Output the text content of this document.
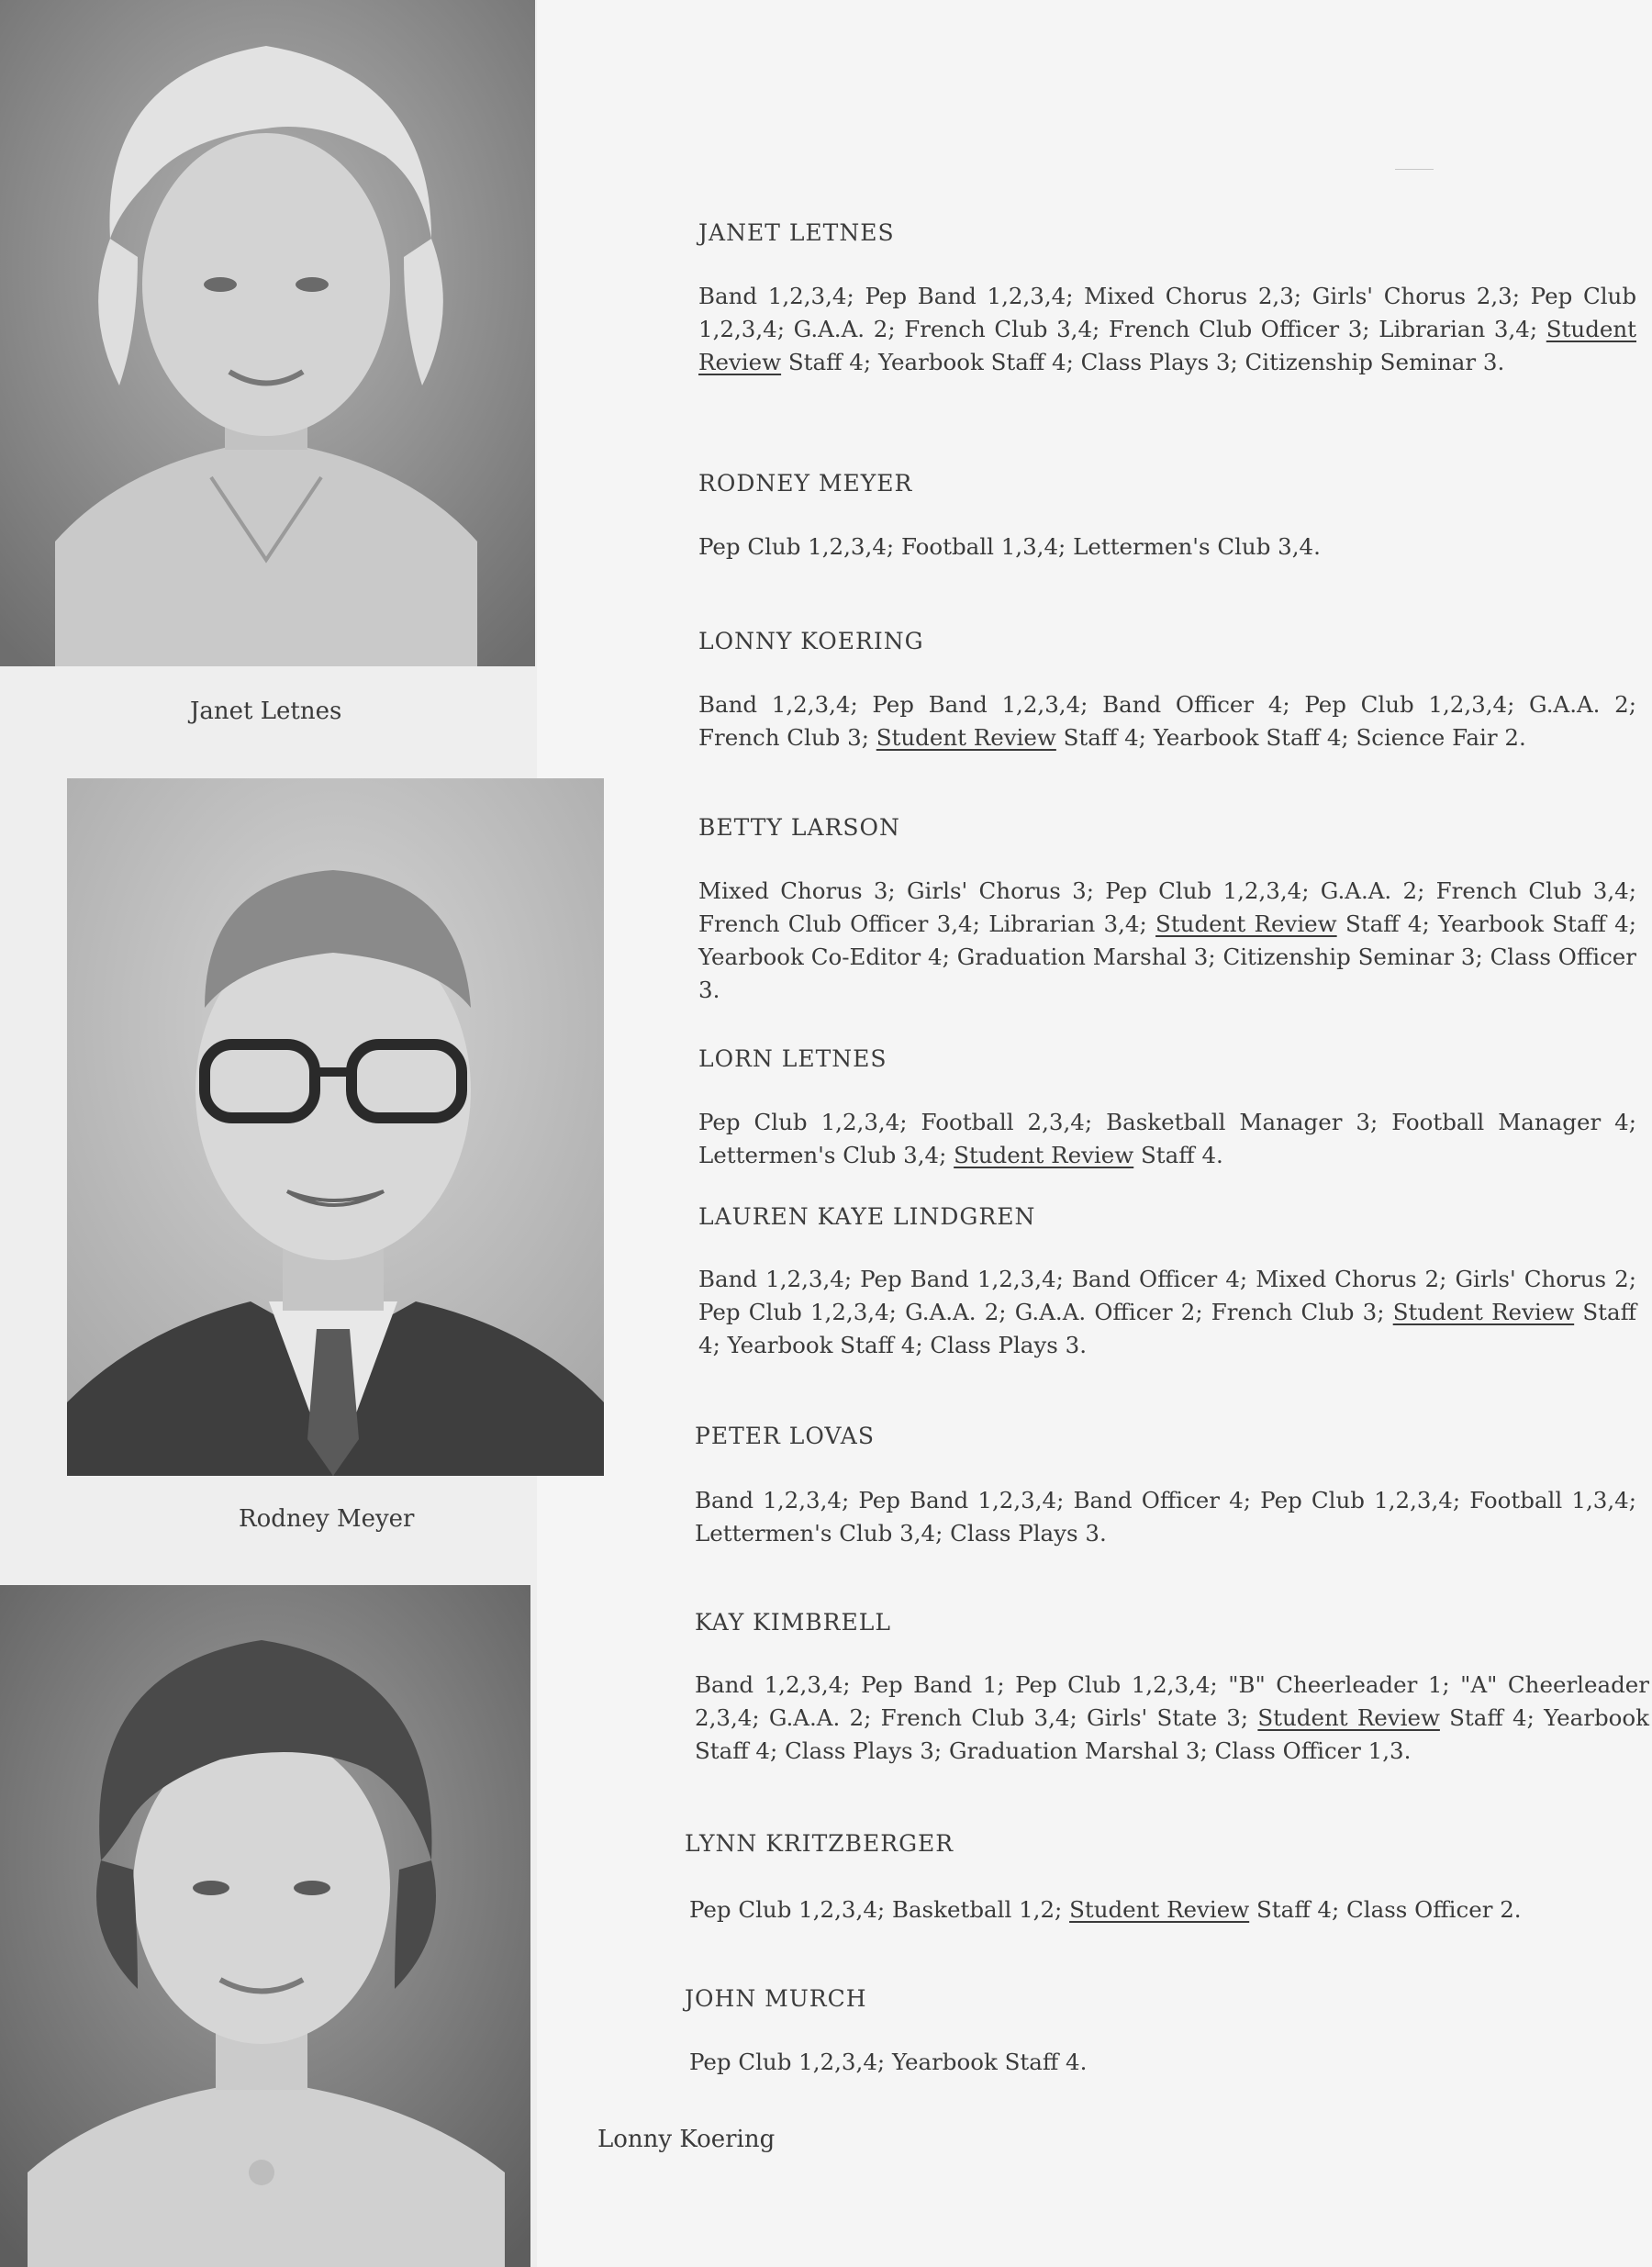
Janet Letnes
Rodney Meyer
Lonny Koering
JANET LETNES
Band 1,2,3,4; Pep Band 1,2,3,4; Mixed Chorus 2,3; Girls' Chorus 2,3; Pep Club 1,2,3,4; G.A.A. 2; French Club 3,4; French Club Officer 3; Librarian 3,4; Student Review Staff 4; Yearbook Staff 4; Class Plays 3; Citizenship Seminar 3.
RODNEY MEYER
Pep Club 1,2,3,4; Football 1,3,4; Lettermen's Club 3,4.
LONNY KOERING
Band 1,2,3,4; Pep Band 1,2,3,4; Band Officer 4; Pep Club 1,2,3,4; G.A.A. 2; French Club 3; Student Review Staff 4; Yearbook Staff 4; Science Fair 2.
BETTY LARSON
Mixed Chorus 3; Girls' Chorus 3; Pep Club 1,2,3,4; G.A.A. 2; French Club 3,4; French Club Officer 3,4; Librarian 3,4; Student Review Staff 4; Yearbook Staff 4; Yearbook Co-Editor 4; Graduation Marshal 3; Citizenship Seminar 3; Class Officer 3.
LORN LETNES
Pep Club 1,2,3,4; Football 2,3,4; Basketball Manager 3; Football Manager 4; Lettermen's Club 3,4; Student Review Staff 4.
LAUREN KAYE LINDGREN
Band 1,2,3,4; Pep Band 1,2,3,4; Band Officer 4; Mixed Chorus 2; Girls' Chorus 2; Pep Club 1,2,3,4; G.A.A. 2; G.A.A. Officer 2; French Club 3; Student Review Staff 4; Yearbook Staff 4; Class Plays 3.
PETER LOVAS
Band 1,2,3,4; Pep Band 1,2,3,4; Band Officer 4; Pep Club 1,2,3,4; Football 1,3,4; Lettermen's Club 3,4; Class Plays 3.
KAY KIMBRELL
Band 1,2,3,4; Pep Band 1; Pep Club 1,2,3,4; "B" Cheerleader 1; "A" Cheerleader 2,3,4; G.A.A. 2; French Club 3,4; Girls' State 3; Student Review Staff 4; Yearbook Staff 4; Class Plays 3; Graduation Marshal 3; Class Officer 1,3.
LYNN KRITZBERGER
Pep Club 1,2,3,4; Basketball 1,2; Student Review Staff 4; Class Officer 2.
JOHN MURCH
Pep Club 1,2,3,4; Yearbook Staff 4.
